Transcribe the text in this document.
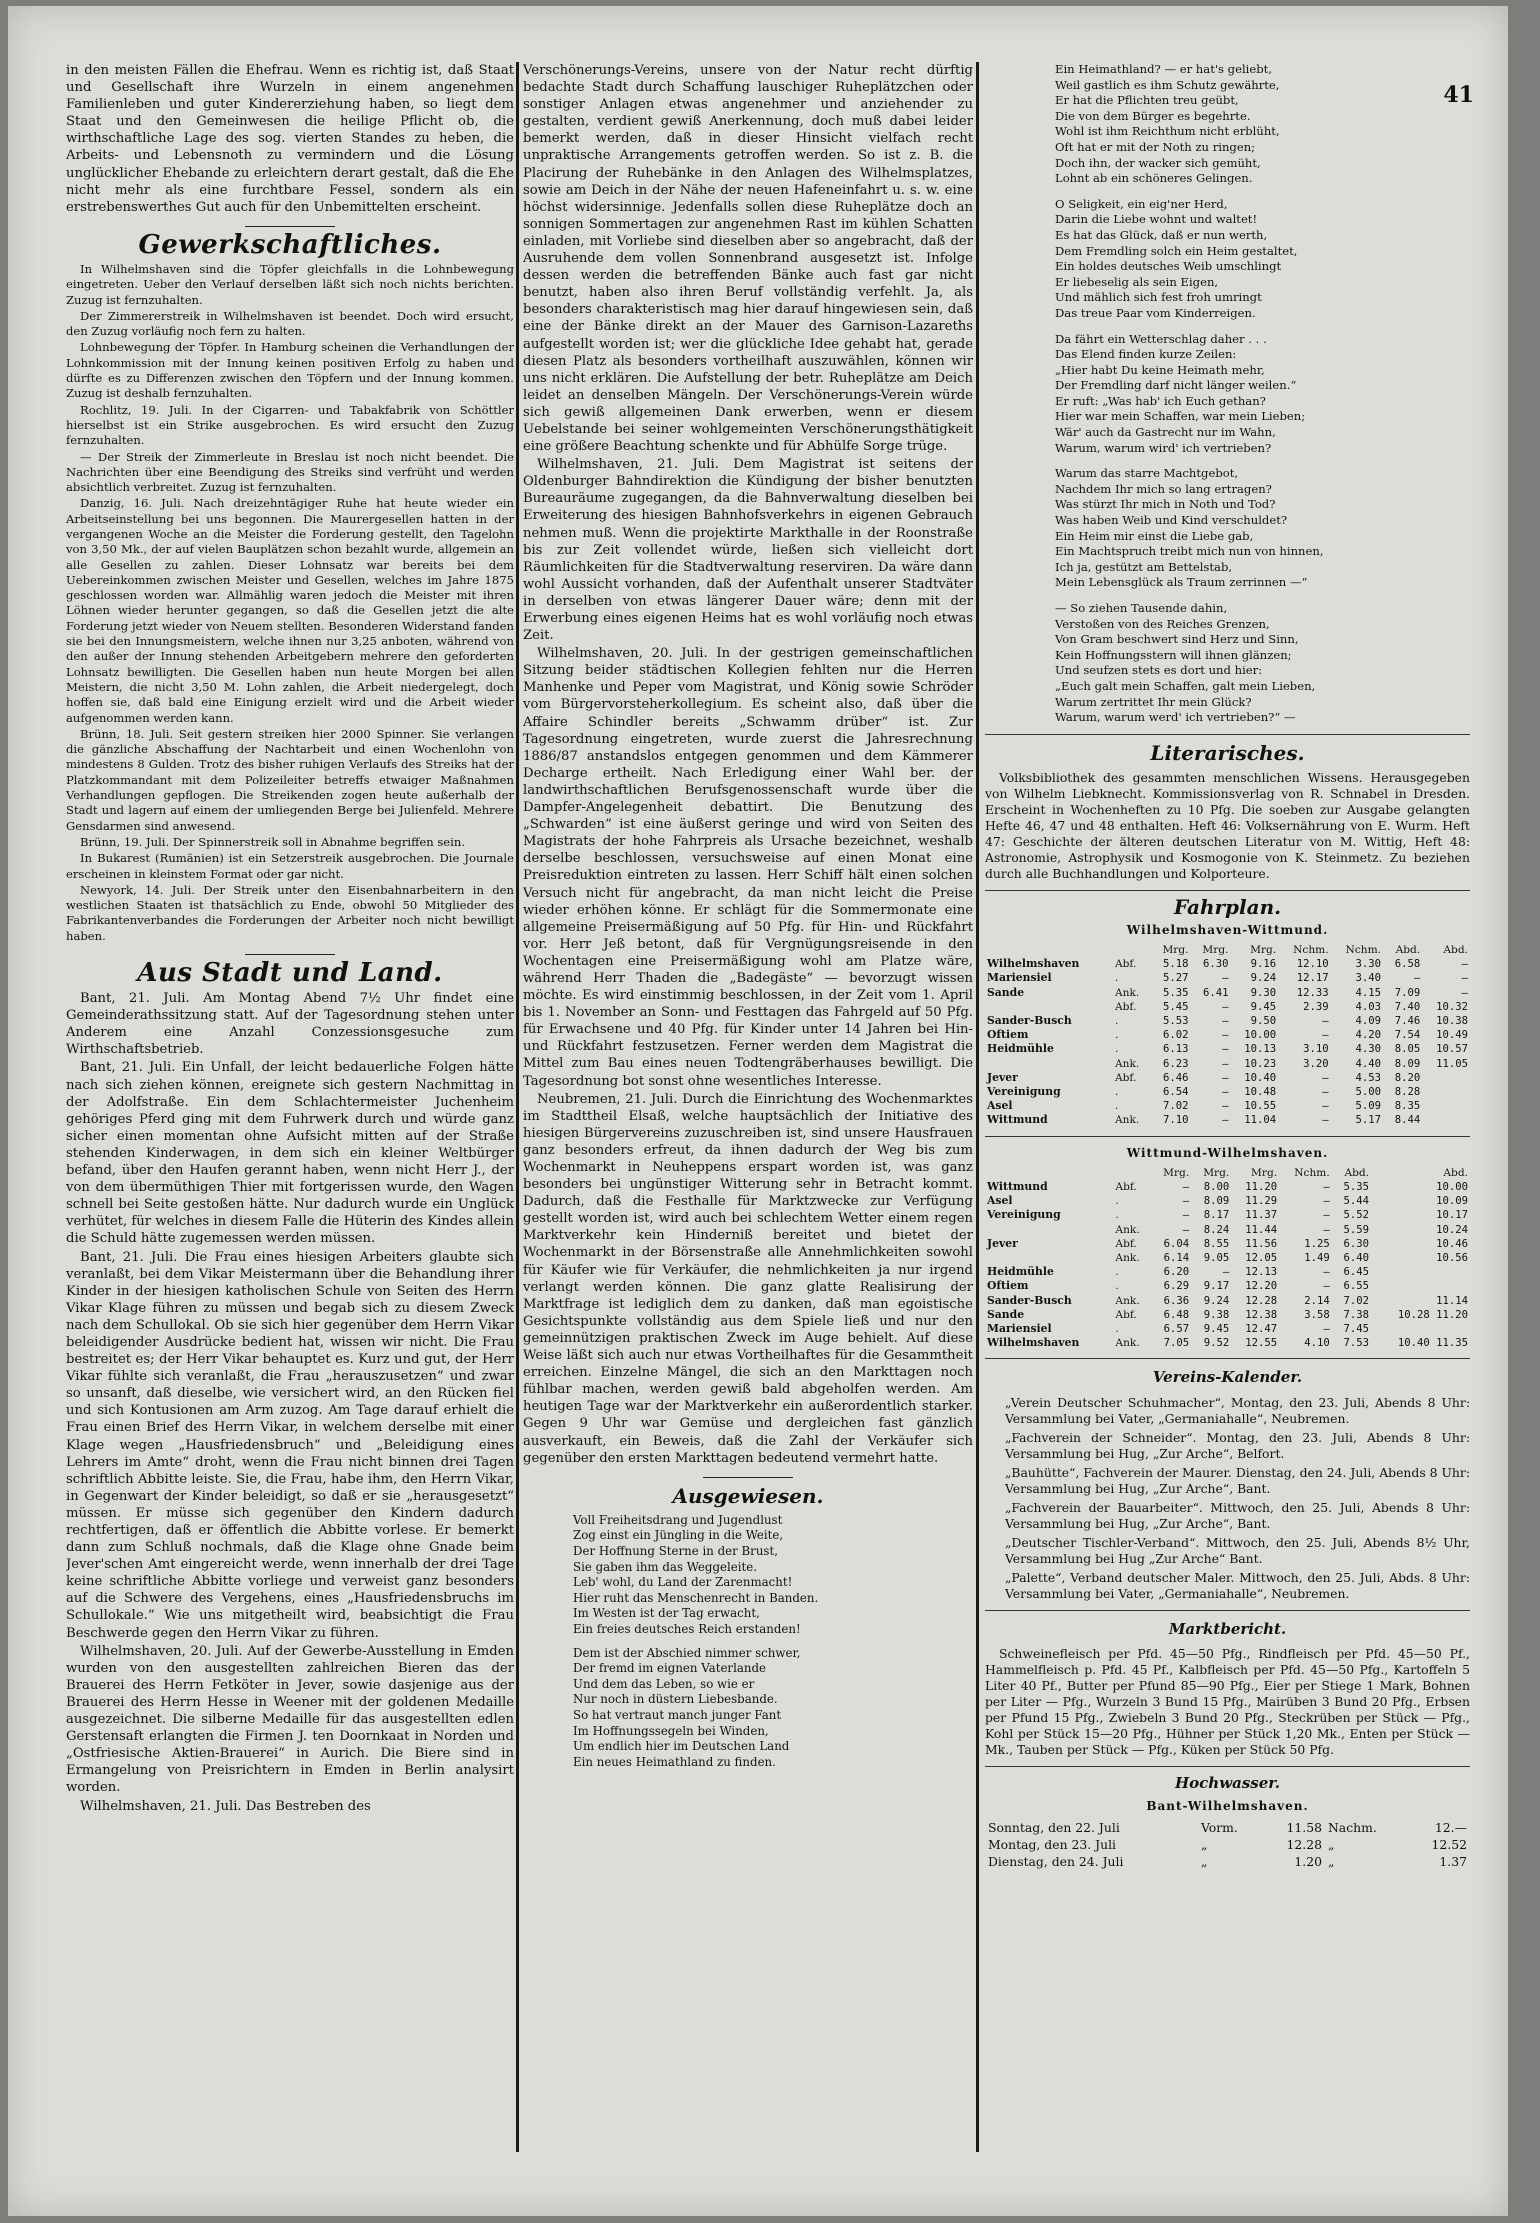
41

in den meisten Fällen die Ehefrau. Wenn es richtig ist, daß Staat und Gesellschaft ihre Wurzeln in einem angenehmen Familienleben und guter Kindererziehung haben, so liegt dem Staat und den Gemeinwesen die heilige Pflicht ob, die wirthschaftliche Lage des sog. vierten Standes zu heben, die Arbeits- und Lebensnoth zu vermindern und die Lösung unglücklicher Ehebande zu erleichtern derart gestalt, daß die Ehe nicht mehr als eine furchtbare Fessel, sondern als ein erstrebenswerthes Gut auch für den Unbemittelten erscheint.

Gewerkschaftliches.

In Wilhelmshaven sind die Töpfer gleichfalls in die Lohnbewegung eingetreten. Ueber den Verlauf derselben läßt sich noch nichts berichten. Zuzug ist fernzuhalten.

Der Zimmererstreik in Wilhelmshaven ist beendet. Doch wird ersucht, den Zuzug vorläufig noch fern zu halten.

Lohnbewegung der Töpfer. In Hamburg scheinen die Verhandlungen der Lohnkommission mit der Innung keinen positiven Erfolg zu haben und dürfte es zu Differenzen zwischen den Töpfern und der Innung kommen. Zuzug ist deshalb fernzuhalten.

Rochlitz, 19. Juli. In der Cigarren- und Tabakfabrik von Schöttler hierselbst ist ein Strike ausgebrochen. Es wird ersucht den Zuzug fernzuhalten.

— Der Streik der Zimmerleute in Breslau ist noch nicht beendet. Die Nachrichten über eine Beendigung des Streiks sind verfrüht und werden absichtlich verbreitet. Zuzug ist fernzuhalten.

Danzig, 16. Juli. Nach dreizehntägiger Ruhe hat heute wieder ein Arbeitseinstellung bei uns begonnen. Die Maurergesellen hatten in der vergangenen Woche an die Meister die Forderung gestellt, den Tagelohn von 3,50 Mk., der auf vielen Bauplätzen schon bezahlt wurde, allgemein an alle Gesellen zu zahlen. Dieser Lohnsatz war bereits bei dem Uebereinkommen zwischen Meister und Gesellen, welches im Jahre 1875 geschlossen worden war. Allmählig waren jedoch die Meister mit ihren Löhnen wieder herunter gegangen, so daß die Gesellen jetzt die alte Forderung jetzt wieder von Neuem stellten. Besonderen Widerstand fanden sie bei den Innungsmeistern, welche ihnen nur 3,25 anboten, während von den außer der Innung stehenden Arbeitgebern mehrere den geforderten Lohnsatz bewilligten. Die Gesellen haben nun heute Morgen bei allen Meistern, die nicht 3,50 M. Lohn zahlen, die Arbeit niedergelegt, doch hoffen sie, daß bald eine Einigung erzielt wird und die Arbeit wieder aufgenommen werden kann.

Brünn, 18. Juli. Seit gestern streiken hier 2000 Spinner. Sie verlangen die gänzliche Abschaffung der Nachtarbeit und einen Wochenlohn von mindestens 8 Gulden. Trotz des bisher ruhigen Verlaufs des Streiks hat der Platzkommandant mit dem Polizeileiter betreffs etwaiger Maßnahmen Verhandlungen gepflogen. Die Streikenden zogen heute außerhalb der Stadt und lagern auf einem der umliegenden Berge bei Julienfeld. Mehrere Gensdarmen sind anwesend.

Brünn, 19. Juli. Der Spinnerstreik soll in Abnahme begriffen sein.

In Bukarest (Rumänien) ist ein Setzerstreik ausgebrochen. Die Journale erscheinen in kleinstem Format oder gar nicht.

Newyork, 14. Juli. Der Streik unter den Eisenbahnarbeitern in den westlichen Staaten ist thatsächlich zu Ende, obwohl 50 Mitglieder des Fabrikantenverbandes die Forderungen der Arbeiter noch nicht bewilligt haben.

Aus Stadt und Land.

Bant, 21. Juli. Am Montag Abend 7½ Uhr findet eine Gemeinderathssitzung statt. Auf der Tagesordnung stehen unter Anderem eine Anzahl Conzessionsgesuche zum Wirthschaftsbetrieb.

Bant, 21. Juli. Ein Unfall, der leicht bedauerliche Folgen hätte nach sich ziehen können, ereignete sich gestern Nachmittag in der Adolfstraße. Ein dem Schlachtermeister Juchenheim gehöriges Pferd ging mit dem Fuhrwerk durch und würde ganz sicher einen momentan ohne Aufsicht mitten auf der Straße stehenden Kinderwagen, in dem sich ein kleiner Weltbürger befand, über den Haufen gerannt haben, wenn nicht Herr J., der von dem übermüthigen Thier mit fortgerissen wurde, den Wagen schnell bei Seite gestoßen hätte. Nur dadurch wurde ein Unglück verhütet, für welches in diesem Falle die Hüterin des Kindes allein die Schuld hätte zugemessen werden müssen.

Bant, 21. Juli. Die Frau eines hiesigen Arbeiters glaubte sich veranlaßt, bei dem Vikar Meistermann über die Behandlung ihrer Kinder in der hiesigen katholischen Schule von Seiten des Herrn Vikar Klage führen zu müssen und begab sich zu diesem Zweck nach dem Schullokal. Ob sie sich hier gegenüber dem Herrn Vikar beleidigender Ausdrücke bedient hat, wissen wir nicht. Die Frau bestreitet es; der Herr Vikar behauptet es. Kurz und gut, der Herr Vikar fühlte sich veranlaßt, die Frau „herauszusetzen“ und zwar so unsanft, daß dieselbe, wie versichert wird, an den Rücken fiel und sich Kontusionen am Arm zuzog. Am Tage darauf erhielt die Frau einen Brief des Herrn Vikar, in welchem derselbe mit einer Klage wegen „Hausfriedensbruch“ und „Beleidigung eines Lehrers im Amte“ droht, wenn die Frau nicht binnen drei Tagen schriftlich Abbitte leiste. Sie, die Frau, habe ihm, den Herrn Vikar, in Gegenwart der Kinder beleidigt, so daß er sie „herausgesetzt“ müssen. Er müsse sich gegenüber den Kindern dadurch rechtfertigen, daß er öffentlich die Abbitte vorlese. Er bemerkt dann zum Schluß nochmals, daß die Klage ohne Gnade beim Jever'schen Amt eingereicht werde, wenn innerhalb der drei Tage keine schriftliche Abbitte vorliege und verweist ganz besonders auf die Schwere des Vergehens, eines „Hausfriedensbruchs im Schullokale.“ Wie uns mitgetheilt wird, beabsichtigt die Frau Beschwerde gegen den Herrn Vikar zu führen.

Wilhelmshaven, 20. Juli. Auf der Gewerbe-Ausstellung in Emden wurden von den ausgestellten zahlreichen Bieren das der Brauerei des Herrn Fetköter in Jever, sowie dasjenige aus der Brauerei des Herrn Hesse in Weener mit der goldenen Medaille ausgezeichnet. Die silberne Medaille für das ausgestellten edlen Gerstensaft erlangten die Firmen J. ten Doornkaat in Norden und „Ostfriesische Aktien-Brauerei“ in Aurich. Die Biere sind in Ermangelung von Preisrichtern in Emden in Berlin analysirt worden.

Wilhelmshaven, 21. Juli. Das Bestreben des

Verschönerungs-Vereins, unsere von der Natur recht dürftig bedachte Stadt durch Schaffung lauschiger Ruheplätzchen oder sonstiger Anlagen etwas angenehmer und anziehender zu gestalten, verdient gewiß Anerkennung, doch muß dabei leider bemerkt werden, daß in dieser Hinsicht vielfach recht unpraktische Arrangements getroffen werden. So ist z. B. die Placirung der Ruhebänke in den Anlagen des Wilhelmsplatzes, sowie am Deich in der Nähe der neuen Hafeneinfahrt u. s. w. eine höchst widersinnige. Jedenfalls sollen diese Ruheplätze doch an sonnigen Sommertagen zur angenehmen Rast im kühlen Schatten einladen, mit Vorliebe sind dieselben aber so angebracht, daß der Ausruhende dem vollen Sonnenbrand ausgesetzt ist. Infolge dessen werden die betreffenden Bänke auch fast gar nicht benutzt, haben also ihren Beruf vollständig verfehlt. Ja, als besonders charakteristisch mag hier darauf hingewiesen sein, daß eine der Bänke direkt an der Mauer des Garnison-Lazareths aufgestellt worden ist; wer die glückliche Idee gehabt hat, gerade diesen Platz als besonders vortheilhaft auszuwählen, können wir uns nicht erklären. Die Aufstellung der betr. Ruheplätze am Deich leidet an denselben Mängeln. Der Verschönerungs-Verein würde sich gewiß allgemeinen Dank erwerben, wenn er diesem Uebelstande bei seiner wohlgemeinten Verschönerungsthätigkeit eine größere Beachtung schenkte und für Abhülfe Sorge trüge.

Wilhelmshaven, 21. Juli. Dem Magistrat ist seitens der Oldenburger Bahndirektion die Kündigung der bisher benutzten Bureauräume zugegangen, da die Bahnverwaltung dieselben bei Erweiterung des hiesigen Bahnhofsverkehrs in eigenen Gebrauch nehmen muß. Wenn die projektirte Markthalle in der Roonstraße bis zur Zeit vollendet würde, ließen sich vielleicht dort Räumlichkeiten für die Stadtverwaltung reserviren. Da wäre dann wohl Aussicht vorhanden, daß der Aufenthalt unserer Stadtväter in derselben von etwas längerer Dauer wäre; denn mit der Erwerbung eines eigenen Heims hat es wohl vorläufig noch etwas Zeit.

Wilhelmshaven, 20. Juli. In der gestrigen gemeinschaftlichen Sitzung beider städtischen Kollegien fehlten nur die Herren Manhenke und Peper vom Magistrat, und König sowie Schröder vom Bürgervorsteherkollegium. Es scheint also, daß über die Affaire Schindler bereits „Schwamm drüber“ ist. Zur Tagesordnung eingetreten, wurde zuerst die Jahresrechnung 1886/87 anstandslos entgegen genommen und dem Kämmerer Decharge ertheilt. Nach Erledigung einer Wahl ber. der landwirthschaftlichen Berufsgenossenschaft wurde über die Dampfer-Angelegenheit debattirt. Die Benutzung des „Schwarden“ ist eine äußerst geringe und wird von Seiten des Magistrats der hohe Fahrpreis als Ursache bezeichnet, weshalb derselbe beschlossen, versuchsweise auf einen Monat eine Preisreduktion eintreten zu lassen. Herr Schiff hält einen solchen Versuch nicht für angebracht, da man nicht leicht die Preise wieder erhöhen könne. Er schlägt für die Sommermonate eine allgemeine Preisermäßigung auf 50 Pfg. für Hin- und Rückfahrt vor. Herr Jeß betont, daß für Vergnügungsreisende in den Wochentagen eine Preisermäßigung wohl am Platze wäre, während Herr Thaden die „Badegäste“ — bevorzugt wissen möchte. Es wird einstimmig beschlossen, in der Zeit vom 1. April bis 1. November an Sonn- und Festtagen das Fahrgeld auf 50 Pfg. für Erwachsene und 40 Pfg. für Kinder unter 14 Jahren bei Hin- und Rückfahrt festzusetzen. Ferner werden dem Magistrat die Mittel zum Bau eines neuen Todtengräberhauses bewilligt. Die Tagesordnung bot sonst ohne wesentliches Interesse.

Neubremen, 21. Juli. Durch die Einrichtung des Wochenmarktes im Stadttheil Elsaß, welche hauptsächlich der Initiative des hiesigen Bürgervereins zuzuschreiben ist, sind unsere Hausfrauen ganz besonders erfreut, da ihnen dadurch der Weg bis zum Wochenmarkt in Neuheppens erspart worden ist, was ganz besonders bei ungünstiger Witterung sehr in Betracht kommt. Dadurch, daß die Festhalle für Marktzwecke zur Verfügung gestellt worden ist, wird auch bei schlechtem Wetter einem regen Marktverkehr kein Hinderniß bereitet und bietet der Wochenmarkt in der Börsenstraße alle Annehmlichkeiten sowohl für Käufer wie für Verkäufer, die nehmlichkeiten ja nur irgend verlangt werden können. Die ganz glatte Realisirung der Marktfrage ist lediglich dem zu danken, daß man egoistische Gesichtspunkte vollständig aus dem Spiele ließ und nur den gemeinnützigen praktischen Zweck im Auge behielt. Auf diese Weise läßt sich auch nur etwas Vortheilhaftes für die Gesammtheit erreichen. Einzelne Mängel, die sich an den Markttagen noch fühlbar machen, werden gewiß bald abgeholfen werden. Am heutigen Tage war der Marktverkehr ein außerordentlich starker. Gegen 9 Uhr war Gemüse und dergleichen fast gänzlich ausverkauft, ein Beweis, daß die Zahl der Verkäufer sich gegenüber den ersten Markttagen bedeutend vermehrt hatte.

Ausgewiesen.
Voll Freiheitsdrang und Jugendlust
Zog einst ein Jüngling in die Weite,
Der Hoffnung Sterne in der Brust,
Sie gaben ihm das Weggeleite.
Leb' wohl, du Land der Zarenmacht!
Hier ruht das Menschenrecht in Banden.
Im Westen ist der Tag erwacht,
Ein freies deutsches Reich erstanden!
Dem ist der Abschied nimmer schwer,
Der fremd im eignen Vaterlande
Und dem das Leben, so wie er
Nur noch in düstern Liebesbande.
So hat vertraut manch junger Fant
Im Hoffnungssegeln bei Winden,
Um endlich hier im Deutschen Land
Ein neues Heimathland zu finden.
Ein Heimathland? — er hat's geliebt,
Weil gastlich es ihm Schutz gewährte,
Er hat die Pflichten treu geübt,
Die von dem Bürger es begehrte.
Wohl ist ihm Reichthum nicht erblüht,
Oft hat er mit der Noth zu ringen;
Doch ihn, der wacker sich gemüht,
Lohnt ab ein schöneres Gelingen.
O Seligkeit, ein eig'ner Herd,
Darin die Liebe wohnt und waltet!
Es hat das Glück, daß er nun werth,
Dem Fremdling solch ein Heim gestaltet,
Ein holdes deutsches Weib umschlingt
Er liebeselig als sein Eigen,
Und mählich sich fest froh umringt
Das treue Paar vom Kinderreigen.
Da fährt ein Wetterschlag daher . . .
Das Elend finden kurze Zeilen:
„Hier habt Du keine Heimath mehr,
Der Fremdling darf nicht länger weilen.“
Er ruft: „Was hab' ich Euch gethan?
Hier war mein Schaffen, war mein Lieben;
Wär' auch da Gastrecht nur im Wahn,
Warum, warum wird' ich vertrieben?
Warum das starre Machtgebot,
Nachdem Ihr mich so lang ertragen?
Was stürzt Ihr mich in Noth und Tod?
Was haben Weib und Kind verschuldet?
Ein Heim mir einst die Liebe gab,
Ein Machtspruch treibt mich nun von hinnen,
Ich ja, gestützt am Bettelstab,
Mein Lebensglück als Traum zerrinnen —“
— So ziehen Tausende dahin,
Verstoßen von des Reiches Grenzen,
Von Gram beschwert sind Herz und Sinn,
Kein Hoffnungsstern will ihnen glänzen;
Und seufzen stets es dort und hier:
„Euch galt mein Schaffen, galt mein Lieben,
Warum zertrittet Ihr mein Glück?
Warum, warum werd' ich vertrieben?“ —
Literarisches.

Volksbibliothek des gesammten menschlichen Wissens. Herausgegeben von Wilhelm Liebknecht. Kommissionsverlag von R. Schnabel in Dresden. Erscheint in Wochenheften zu 10 Pfg. Die soeben zur Ausgabe gelangten Hefte 46, 47 und 48 enthalten. Heft 46: Volksernährung von E. Wurm. Heft 47: Geschichte der älteren deutschen Literatur von M. Wittig, Heft 48: Astronomie, Astrophysik und Kosmogonie von K. Steinmetz. Zu beziehen durch alle Buchhandlungen und Kolporteure.

Fahrplan.
Wilhelmshaven-Wittmund.
		Mrg.	Mrg.	Mrg.	Nchm.	Nchm.	Abd.	Abd.
Wilhelmshaven	Abf.	5.18	6.30	9.16	12.10	3.30	6.58	—
Mariensiel	.	5.27	—	9.24	12.17	3.40	—	—
Sande	Ank.	5.35	6.41	9.30	12.33	4.15	7.09	—
	Abf.	5.45	—	9.45	2.39	4.03	7.40	10.32
Sander-Busch	.	5.53	—	9.50	—	4.09	7.46	10.38
Oftiem	.	6.02	—	10.00	—	4.20	7.54	10.49
Heidmühle	.	6.13	—	10.13	3.10	4.30	8.05	10.57
	Ank.	6.23	—	10.23	3.20	4.40	8.09	11.05
Jever	Abf.	6.46	—	10.40	—	4.53	8.20	
Vereinigung	.	6.54	—	10.48	—	5.00	8.28	
Asel	.	7.02	—	10.55	—	5.09	8.35	
Wittmund	Ank.	7.10	—	11.04	—	5.17	8.44	
Wittmund-Wilhelmshaven.
		Mrg.	Mrg.	Mrg.	Nchm.	Abd.	Abd.
Wittmund	Abf.	—	8.00	11.20	—	5.35	10.00
Asel	.	—	8.09	11.29	—	5.44	10.09
Vereinigung	.	—	8.17	11.37	—	5.52	10.17
	Ank.	—	8.24	11.44	—	5.59	10.24
Jever	Abf.	6.04	8.55	11.56	1.25	6.30	10.46
	Ank.	6.14	9.05	12.05	1.49	6.40	10.56
Heidmühle	.	6.20	—	12.13	—	6.45	
Oftiem	.	6.29	9.17	12.20	—	6.55	
Sander-Busch	Ank.	6.36	9.24	12.28	2.14	7.02	11.14
Sande	Abf.	6.48	9.38	12.38	3.58	7.38	10.28 11.20
Mariensiel	.	6.57	9.45	12.47	—	7.45	
Wilhelmshaven	Ank.	7.05	9.52	12.55	4.10	7.53	10.40 11.35
Vereins-Kalender.

„Verein Deutscher Schuhmacher“, Montag, den 23. Juli, Abends 8 Uhr: Versammlung bei Vater, „Germaniahalle“, Neubremen.

„Fachverein der Schneider“. Montag, den 23. Juli, Abends 8 Uhr: Versammlung bei Hug, „Zur Arche“, Belfort.

„Bauhütte“, Fachverein der Maurer. Dienstag, den 24. Juli, Abends 8 Uhr: Versammlung bei Hug, „Zur Arche“, Bant.

„Fachverein der Bauarbeiter“. Mittwoch, den 25. Juli, Abends 8 Uhr: Versammlung bei Hug, „Zur Arche“, Bant.

„Deutscher Tischler-Verband“. Mittwoch, den 25. Juli, Abends 8½ Uhr, Versammlung bei Hug „Zur Arche“ Bant.

„Palette“, Verband deutscher Maler. Mittwoch, den 25. Juli, Abds. 8 Uhr: Versammlung bei Vater, „Germaniahalle“, Neubremen.

Marktbericht.

Schweinefleisch per Pfd. 45—50 Pfg., Rindfleisch per Pfd. 45—50 Pf., Hammelfleisch p. Pfd. 45 Pf., Kalbfleisch per Pfd. 45—50 Pfg., Kartoffeln 5 Liter 40 Pf., Butter per Pfund 85—90 Pfg., Eier per Stiege 1 Mark, Bohnen per Liter — Pfg., Wurzeln 3 Bund 15 Pfg., Mairüben 3 Bund 20 Pfg., Erbsen per Pfund 15 Pfg., Zwiebeln 3 Bund 20 Pfg., Steckrüben per Stück — Pfg., Kohl per Stück 15—20 Pfg., Hühner per Stück 1,20 Mk., Enten per Stück — Mk., Tauben per Stück — Pfg., Küken per Stück 50 Pfg.

Hochwasser.
Bant-Wilhelmshaven.
Sonntag, den 22. Juli	Vorm.	11.58	Nachm.	12.—
Montag, den 23. Juli	„	12.28	„	12.52
Dienstag, den 24. Juli	„	1.20	„	1.37
